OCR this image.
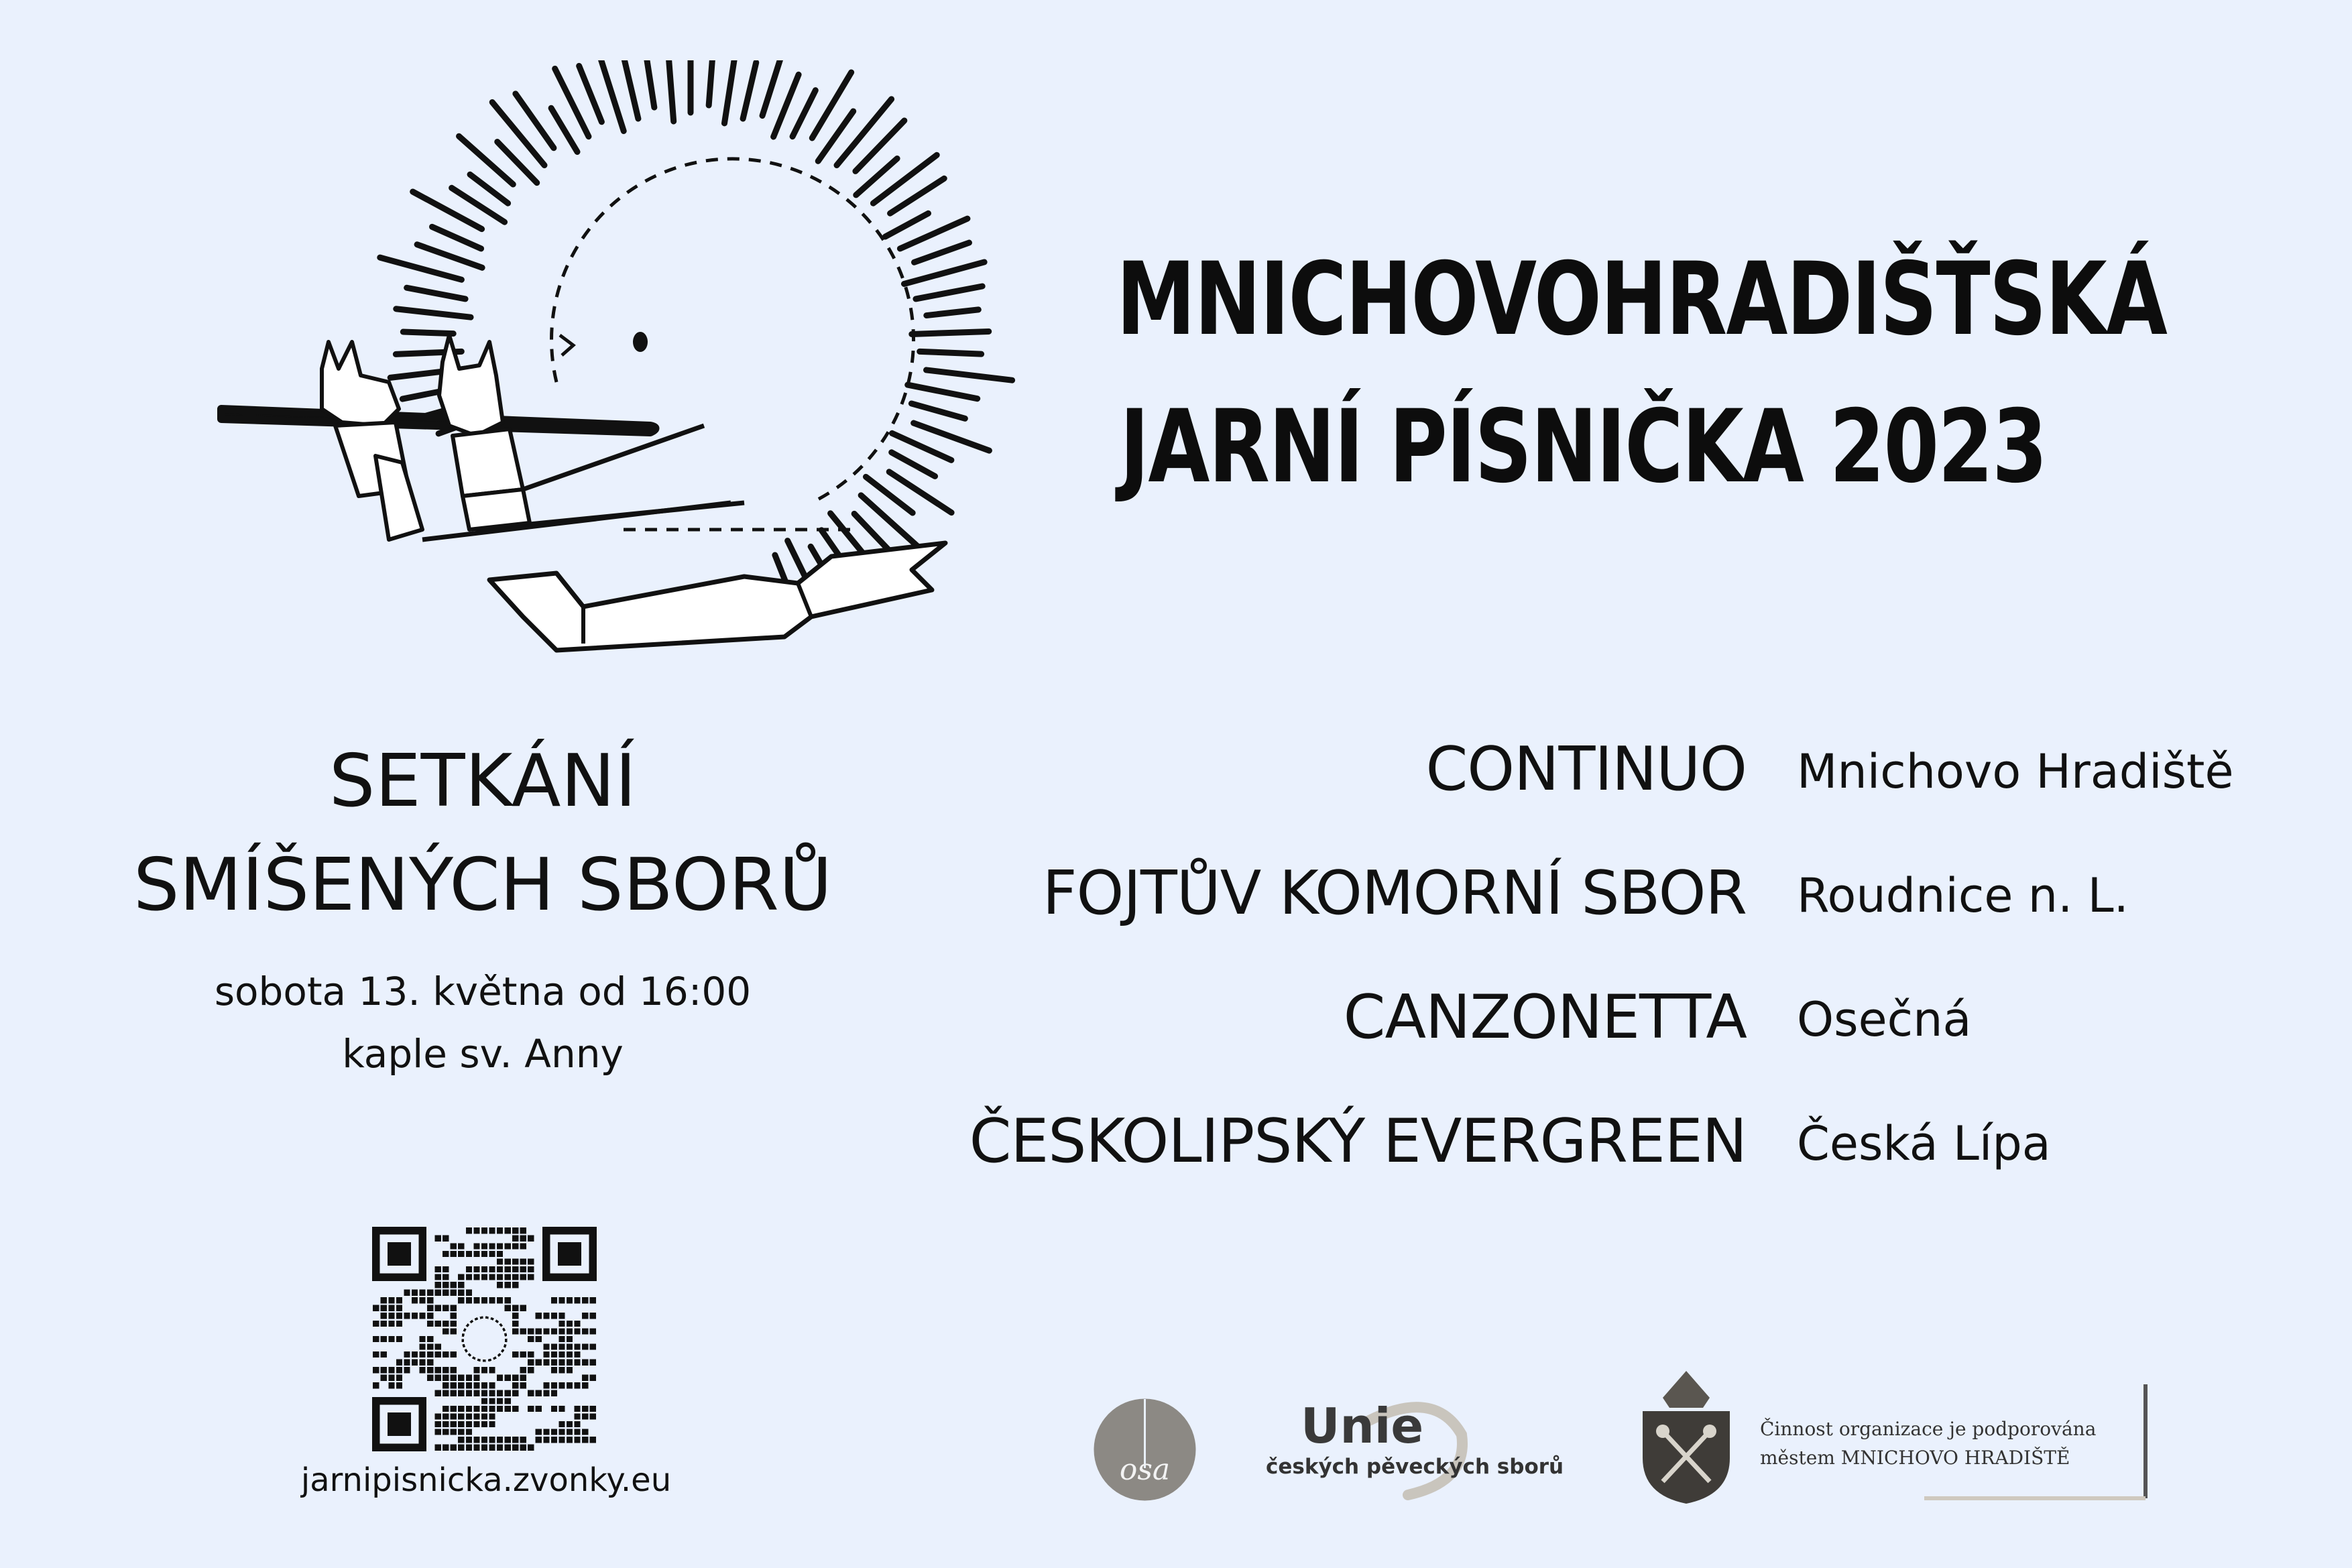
MNICHOVOHRADIŠŤSKÁ
JARNÍ PÍSNIČKA 2023
SETKÁNÍ
SMÍŠENÝCH SBORŮ
sobota 13. května od 16:00
kaple sv. Anny
CONTINUO Mnichovo Hradiště
FOJTŮV KOMORNÍ SBOR Roudnice n. L.
CANZONETTA Osečná
ČESKOLIPSKÝ EVERGREEN Česká Lípa
jarnipisnicka.zvonky.eu	osa
Unie
českých pěveckých sborů
Činnost organizace je podporována
městem MNICHOVO HRADIŠTĚ
